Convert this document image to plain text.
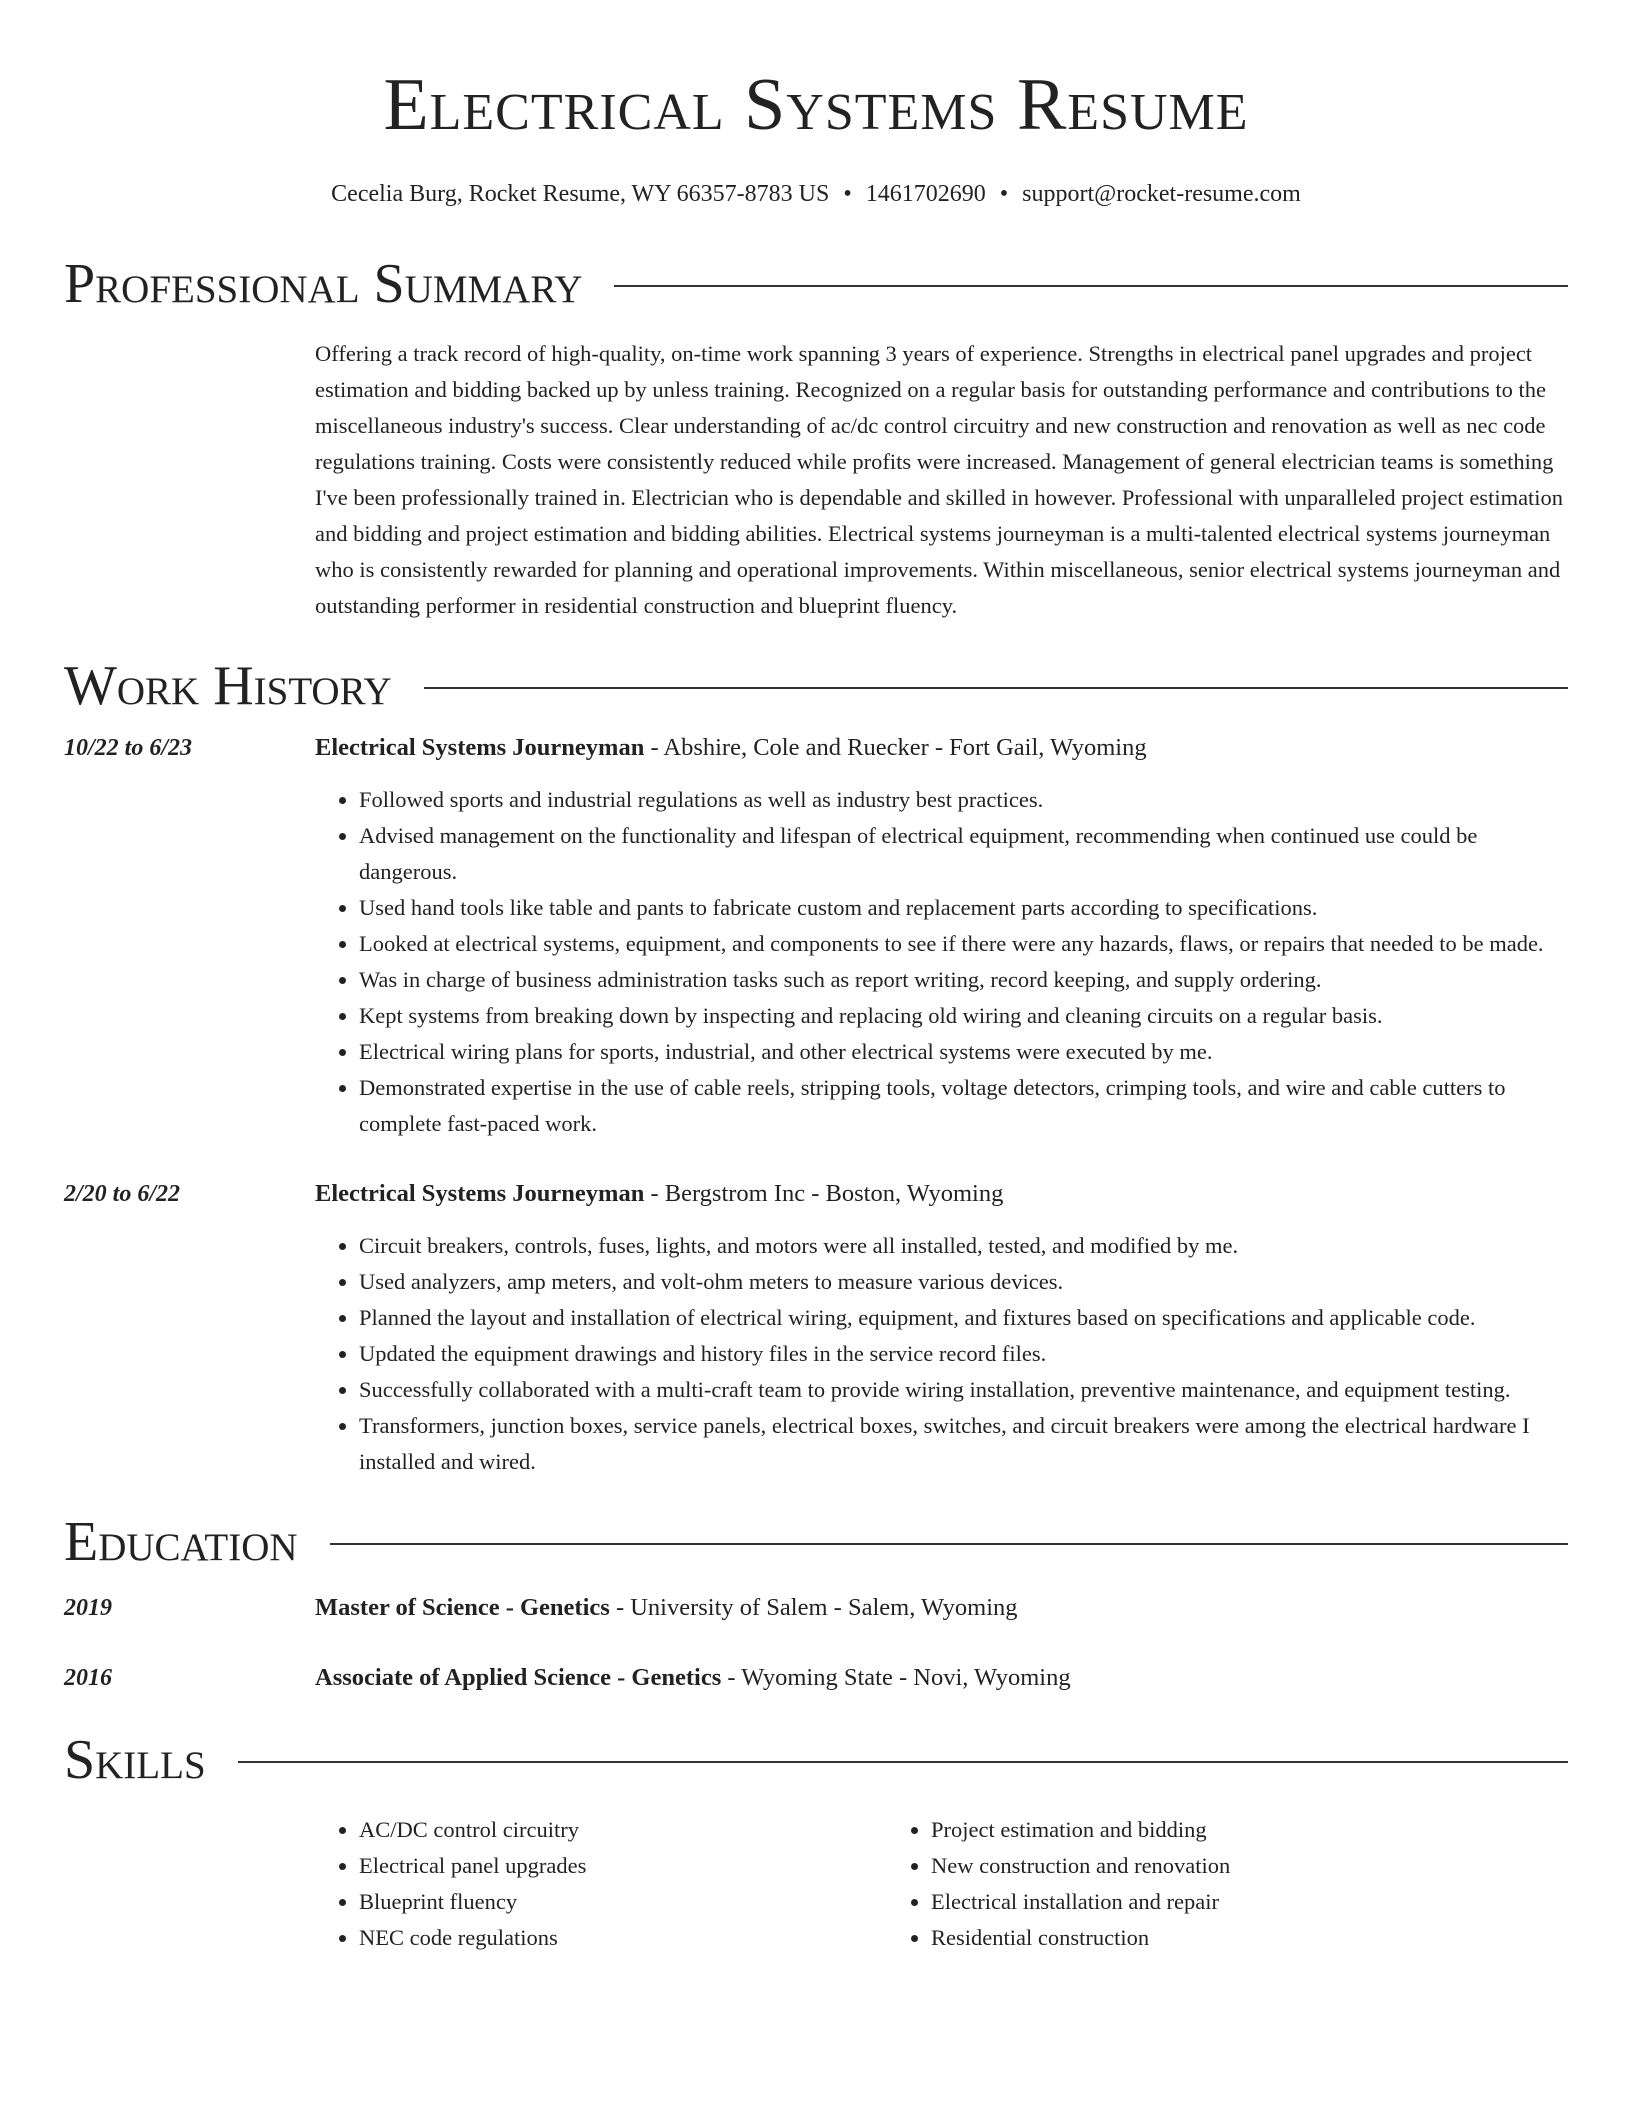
Electrical Systems Resume
Cecelia Burg, Rocket Resume, WY 66357-8783 US • 1461702690 • support@rocket-resume.com
Professional Summary
Offering a track record of high-quality, on-time work spanning 3 years of experience. Strengths in electrical panel upgrades and project estimation and bidding backed up by unless training. Recognized on a regular basis for outstanding performance and contributions to the miscellaneous industry's success. Clear understanding of ac/dc control circuitry and new construction and renovation as well as nec code regulations training. Costs were consistently reduced while profits were increased. Management of general electrician teams is something I've been professionally trained in. Electrician who is dependable and skilled in however. Professional with unparalleled project estimation and bidding and project estimation and bidding abilities. Electrical systems journeyman is a multi-talented electrical systems journeyman who is consistently rewarded for planning and operational improvements. Within miscellaneous, senior electrical systems journeyman and outstanding performer in residential construction and blueprint fluency.
Work History
10/22 to 6/23	Electrical Systems Journeyman - Abshire, Cole and Ruecker - Fort Gail, Wyoming
• Followed sports and industrial regulations as well as industry best practices.
• Advised management on the functionality and lifespan of electrical equipment, recommending when continued use could be dangerous.
• Used hand tools like table and pants to fabricate custom and replacement parts according to specifications.
• Looked at electrical systems, equipment, and components to see if there were any hazards, flaws, or repairs that needed to be made.
• Was in charge of business administration tasks such as report writing, record keeping, and supply ordering.
• Kept systems from breaking down by inspecting and replacing old wiring and cleaning circuits on a regular basis.
• Electrical wiring plans for sports, industrial, and other electrical systems were executed by me.
• Demonstrated expertise in the use of cable reels, stripping tools, voltage detectors, crimping tools, and wire and cable cutters to complete fast-paced work.
2/20 to 6/22	Electrical Systems Journeyman - Bergstrom Inc - Boston, Wyoming
• Circuit breakers, controls, fuses, lights, and motors were all installed, tested, and modified by me.
• Used analyzers, amp meters, and volt-ohm meters to measure various devices.
• Planned the layout and installation of electrical wiring, equipment, and fixtures based on specifications and applicable code.
• Updated the equipment drawings and history files in the service record files.
• Successfully collaborated with a multi-craft team to provide wiring installation, preventive maintenance, and equipment testing.
• Transformers, junction boxes, service panels, electrical boxes, switches, and circuit breakers were among the electrical hardware I installed and wired.
Education
2019	Master of Science - Genetics - University of Salem - Salem, Wyoming
2016	Associate of Applied Science - Genetics - Wyoming State - Novi, Wyoming
Skills
• AC/DC control circuitry
• Electrical panel upgrades
• Blueprint fluency
• NEC code regulations
• Project estimation and bidding
• New construction and renovation
• Electrical installation and repair
• Residential construction
